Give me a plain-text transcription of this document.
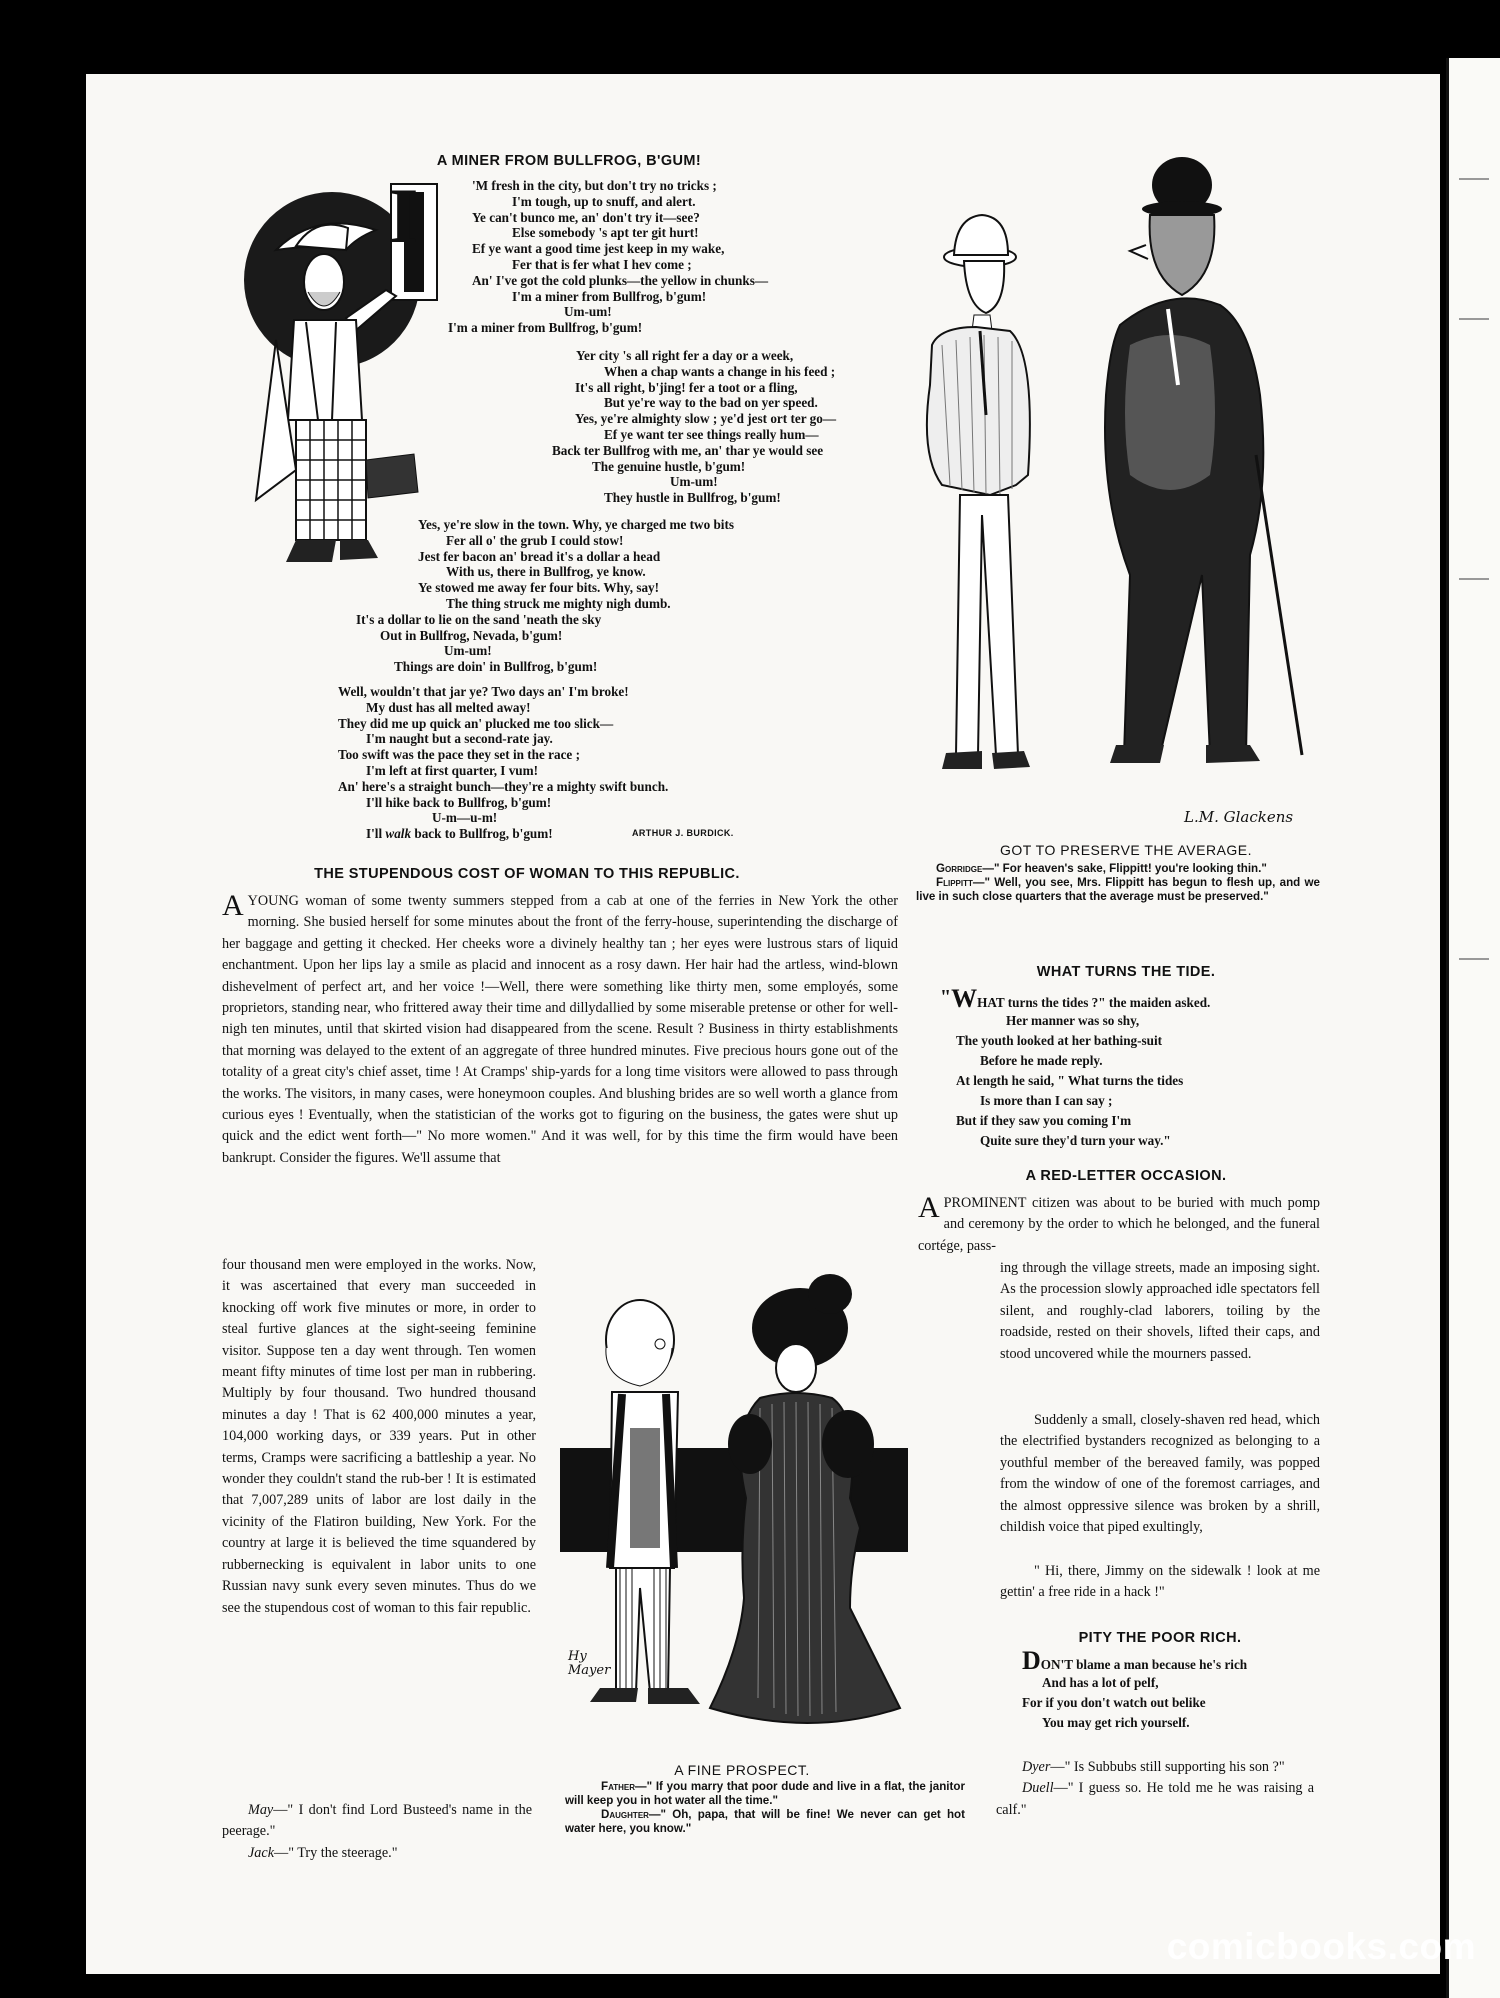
A MINER FROM BULLFROG, B'GUM!
'M fresh in the city, but don't try no tricks ;
I'm tough, up to snuff, and alert.
Ye can't bunco me, an' don't try it—see?
Else somebody 's apt ter git hurt!
Ef ye want a good time jest keep in my wake,
Fer that is fer what I hev come ;
An' I've got the cold plunks—the yellow in chunks—
I'm a miner from Bullfrog, b'gum!
Um-um!
I'm a miner from Bullfrog, b'gum!
I
Yer city 's all right fer a day or a week,
When a chap wants a change in his feed ;
It's all right, b'jing! fer a toot or a fling,
But ye're way to the bad on yer speed.
Yes, ye're almighty slow ; ye'd jest ort ter go—
Ef ye want ter see things really hum—
Back ter Bullfrog with me, an' thar ye would see
The genuine hustle, b'gum!
Um-um!
They hustle in Bullfrog, b'gum!
Yes, ye're slow in the town. Why, ye charged me two bits
Fer all o' the grub I could stow!
Jest fer bacon an' bread it's a dollar a head
With us, there in Bullfrog, ye know.
Ye stowed me away fer four bits. Why, say!
The thing struck me mighty nigh dumb.
It's a dollar to lie on the sand 'neath the sky
Out in Bullfrog, Nevada, b'gum!
Um-um!
Things are doin' in Bullfrog, b'gum!
Well, wouldn't that jar ye? Two days an' I'm broke!
My dust has all melted away!
They did me up quick an' plucked me too slick—
I'm naught but a second-rate jay.
Too swift was the pace they set in the race ;
I'm left at first quarter, I vum!
An' here's a straight bunch—they're a mighty swift bunch.
I'll hike back to Bullfrog, b'gum!
U-m—u-m!
I'll walk back to Bullfrog, b'gum!	ARTHUR J. BURDICK.
L.M. Glackens
GOT TO PRESERVE THE AVERAGE.
Gorridge—" For heaven's sake, Flippitt! you're looking thin."
Flippitt—" Well, you see, Mrs. Flippitt has begun to flesh up, and we live in such close quarters that the average must be preserved."
THE STUPENDOUS COST OF WOMAN TO THIS REPUBLIC.
A YOUNG woman of some twenty summers stepped from a cab at one of the ferries in New York the other morning. She busied herself for some minutes about the front of the ferry-house, superintending the discharge of her baggage and getting it checked. Her cheeks wore a divinely healthy tan ; her eyes were lustrous stars of liquid enchantment. Upon her lips lay a smile as placid and innocent as a rosy dawn. Her hair had the artless, wind-blown dishevelment of perfect art, and her voice !—Well, there were something like thirty men, some employés, some proprietors, standing near, who frittered away their time and dillydallied by some miserable pretense or other for well-nigh ten minutes, until that skirted vision had disappeared from the scene. Result ? Business in thirty establishments that morning was delayed to the extent of an aggregate of three hundred minutes. Five precious hours gone out of the totality of a great city's chief asset, time ! At Cramps' ship-yards for a long time visitors were allowed to pass through the works. The visitors, in many cases, were honeymoon couples. And blushing brides are so well worth a glance from curious eyes ! Eventually, when the statistician of the works got to figuring on the business, the gates were shut up quick and the edict went forth—" No more women." And it was well, for by this time the firm would have been bankrupt. Consider the figures. We'll assume that
four thousand men were employed in the works. Now, it was ascertained that every man succeeded in knocking off work five minutes or more, in order to steal furtive glances at the sight-seeing feminine visitor. Suppose ten a day went through. Ten women meant fifty minutes of time lost per man in rubbering. Multiply by four thousand. Two hundred thousand minutes a day ! That is 62 400,000 minutes a year, 104,000 working days, or 339 years. Put in other terms, Cramps were sacrificing a battleship a year. No wonder they couldn't stand the rub-ber ! It is estimated that 7,007,289 units of labor are lost daily in the vicinity of the Flatiron building, New York. For the country at large it is believed the time squandered by rubbernecking is equivalent in labor units to one Russian navy sunk every seven minutes. Thus do we see the stupendous cost of woman to this fair republic.
Hy Mayer
A FINE PROSPECT.
Father—" If you marry that poor dude and live in a flat, the janitor will keep you in hot water all the time."
Daughter—" Oh, papa, that will be fine! We never can get hot water here, you know."
May—" I don't find Lord Busteed's name in the peerage."
Jack—" Try the steerage."
WHAT TURNS THE TIDE.
"WHAT turns the tides ?" the maiden asked.
Her manner was so shy,
The youth looked at her bathing-suit
Before he made reply.
At length he said, " What turns the tides
Is more than I can say ;
But if they saw you coming I'm
Quite sure they'd turn your way."
A RED-LETTER OCCASION.
A PROMINENT citizen was about to be buried with much pomp and ceremony by the order to which he belonged, and the funeral cortége, pass-
ing through the village streets, made an imposing sight. As the procession slowly approached idle spectators fell silent, and roughly-clad laborers, toiling by the roadside, rested on their shovels, lifted their caps, and stood uncovered while the mourners passed.
Suddenly a small, closely-shaven red head, which the electrified bystanders recognized as belonging to a youthful member of the bereaved family, was popped from the window of one of the foremost carriages, and the almost oppressive silence was broken by a shrill, childish voice that piped exultingly,
" Hi, there, Jimmy on the sidewalk ! look at me gettin' a free ride in a hack !"
PITY THE POOR RICH.
DON'T blame a man because he's rich
And has a lot of pelf,
For if you don't watch out belike
You may get rich yourself.
Dyer—" Is Subbubs still supporting his son ?"
Duell—" I guess so. He told me he was raising a calf."
comicbooks.com
